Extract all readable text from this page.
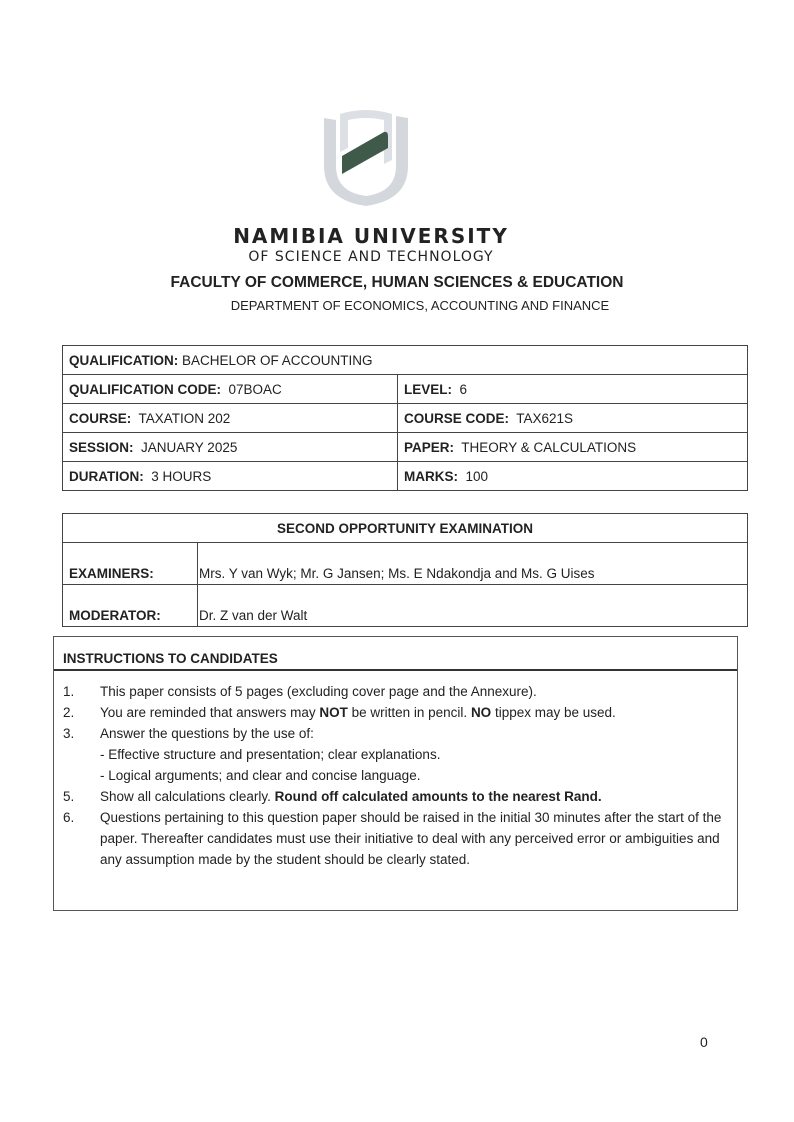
NAMIBIA UNIVERSITY
OF SCIENCE AND TECHNOLOGY
FACULTY OF COMMERCE, HUMAN SCIENCES & EDUCATION
DEPARTMENT OF ECONOMICS, ACCOUNTING AND FINANCE
QUALIFICATION: BACHELOR OF ACCOUNTING	
QUALIFICATION CODE: 07BOAC	LEVEL: 6
COURSE: TAXATION 202	COURSE CODE: TAX621S
SESSION: JANUARY 2025	PAPER: THEORY & CALCULATIONS
DURATION: 3 HOURS	MARKS: 100
SECOND OPPORTUNITY EXAMINATION	
EXAMINERS:	Mrs. Y van Wyk; Mr. G Jansen; Ms. E Ndakondja and Ms. G Uises
MODERATOR:	Dr. Z van der Walt
INSTRUCTIONS TO CANDIDATES
1. This paper consists of 5 pages (excluding cover page and the Annexure).
2. You are reminded that answers may NOT be written in pencil. NO tippex may be used.
3. Answer the questions by the use of:
- Effective structure and presentation; clear explanations.
- Logical arguments; and clear and concise language.
5. Show all calculations clearly. Round off calculated amounts to the nearest Rand.
6. Questions pertaining to this question paper should be raised in the initial 30 minutes after the start of the paper. Thereafter candidates must use their initiative to deal with any perceived error or ambiguities and any assumption made by the student should be clearly stated.
0
